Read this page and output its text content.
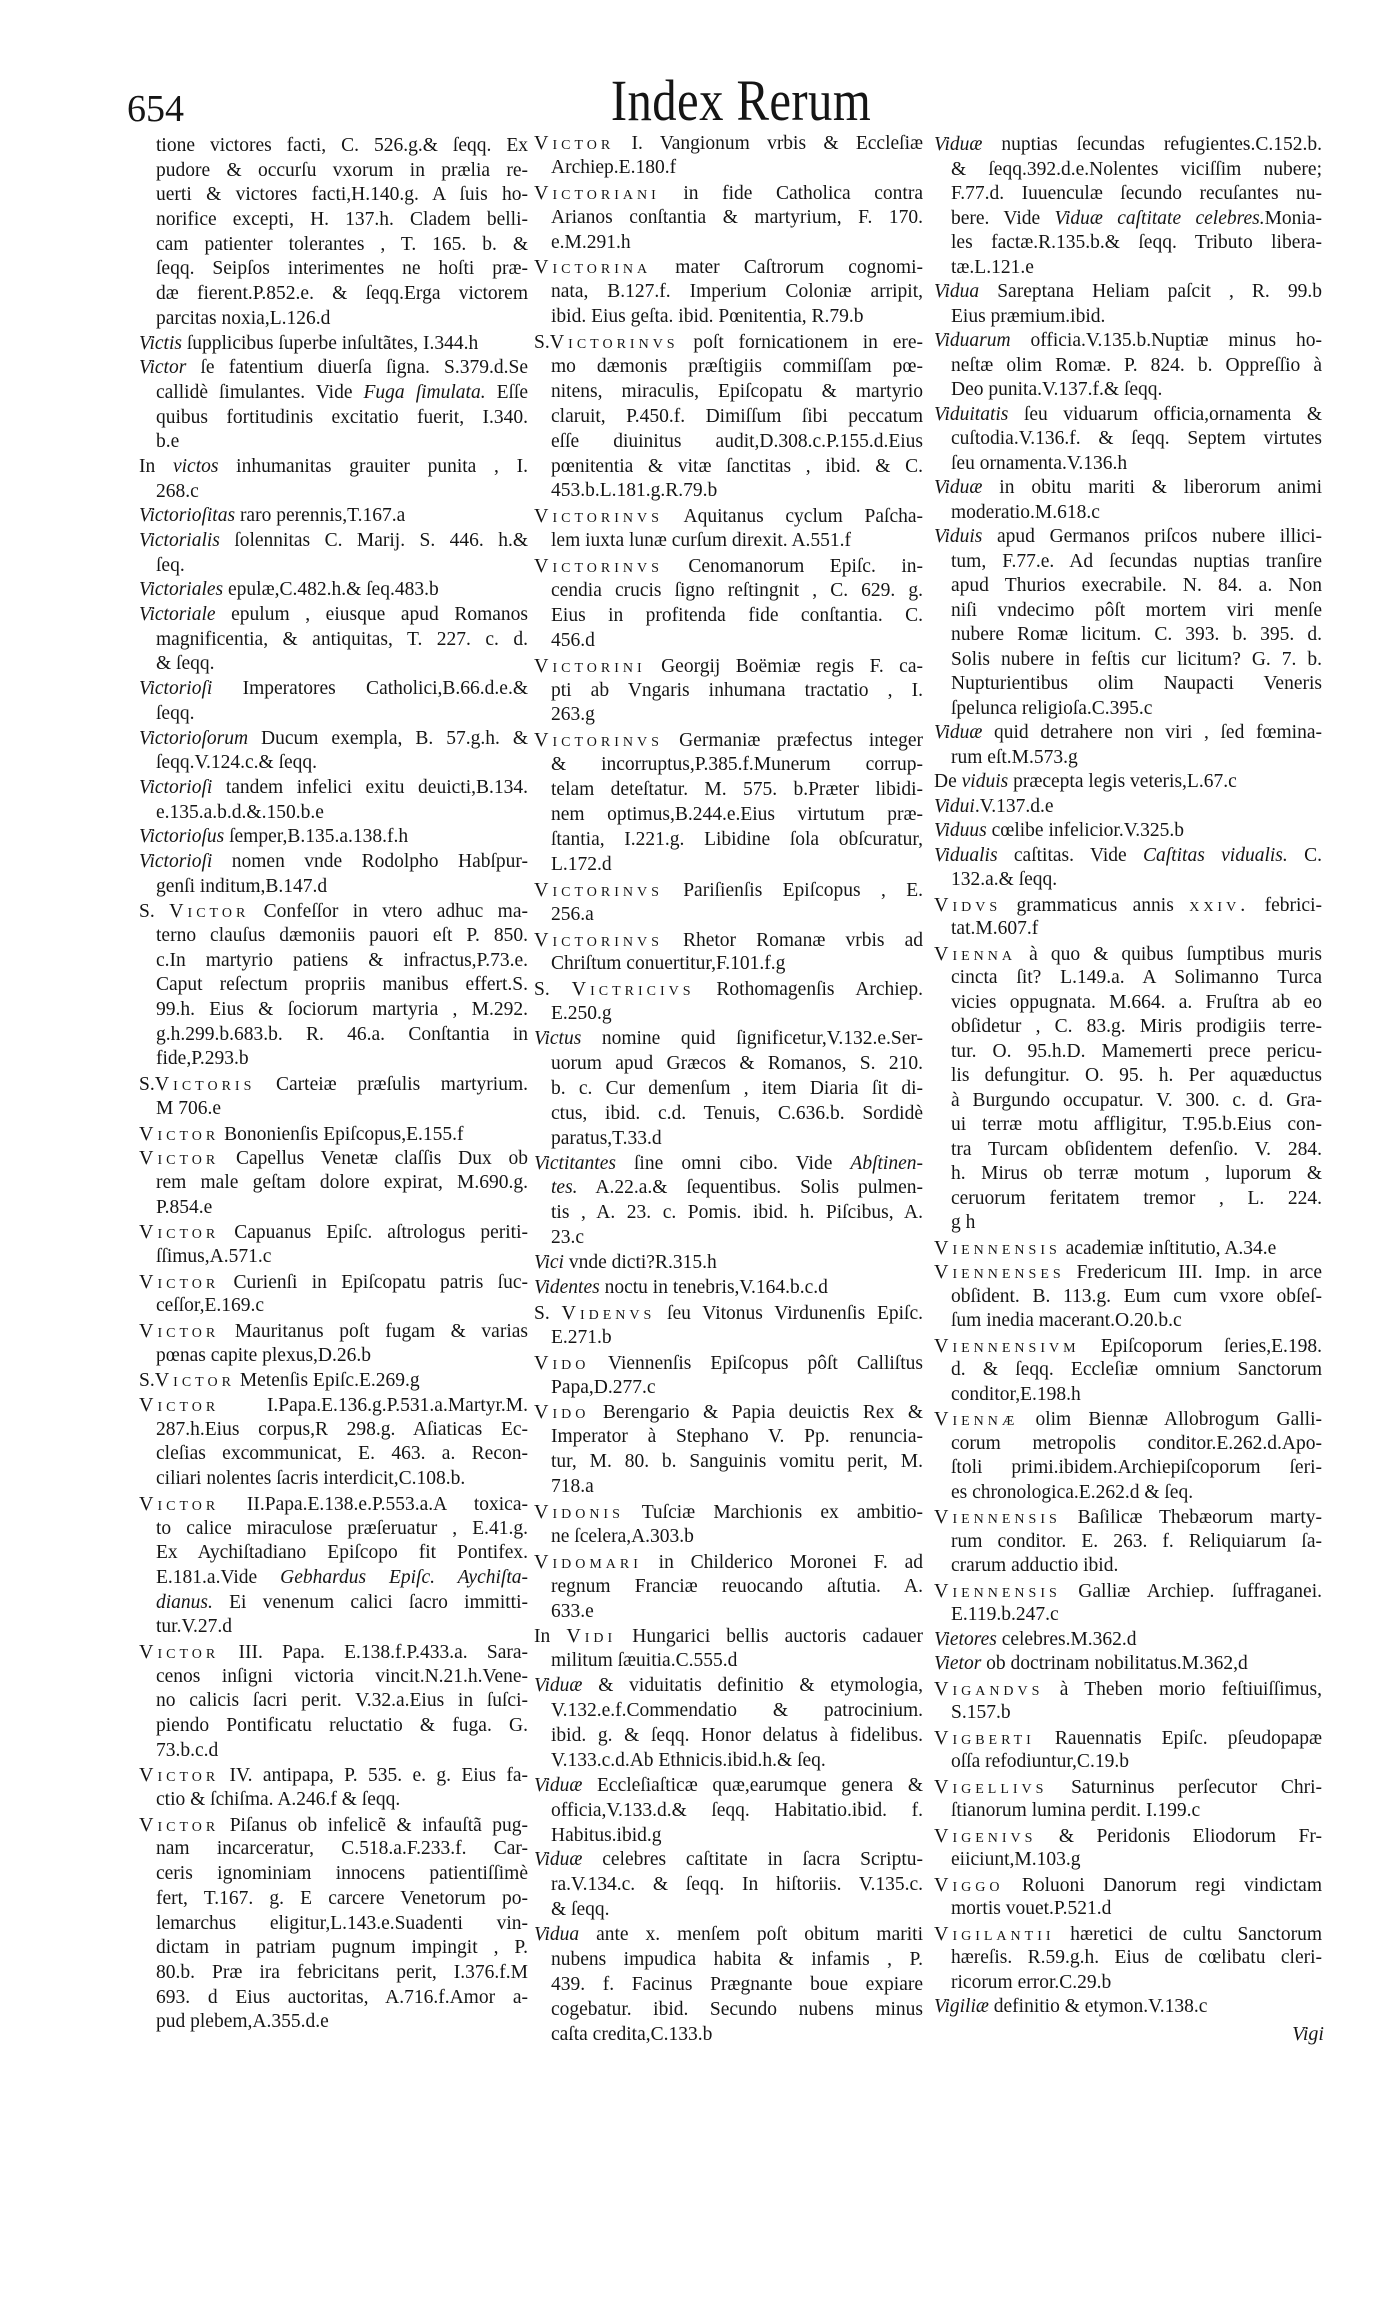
654	Index Rerum
tione victores facti, C. 526.g.& ſeqq. Ex
pudore & occurſu vxorum in prælia re-
uerti & victores facti,H.140.g. A ſuis ho-
norifice excepti, H. 137.h. Cladem belli-
cam patienter tolerantes , T. 165. b. &
ſeqq. Seipſos interimentes ne hoſti præ-
dæ fierent.P.852.e. & ſeqq.Erga victorem
parcitas noxia,L.126.d
Victis ſupplicibus ſuperbe inſultãtes, I.344.h
Victor ſe fatentium diuerſa ſigna. S.379.d.Se
callidè ſimulantes. Vide Fuga ſimulata. Eſſe
quibus fortitudinis excitatio fuerit, I.340.
b.e
In victos inhumanitas grauiter punita , I.
268.c
Victorioſitas raro perennis,T.167.a
Victorialis ſolennitas C. Marij. S. 446. h.&
ſeq.
Victoriales epulæ,C.482.h.& ſeq.483.b
Victoriale epulum , eiusque apud Romanos
magnificentia, & antiquitas, T. 227. c. d.
& ſeqq.
Victorioſi Imperatores Catholici,B.66.d.e.&
ſeqq.
Victorioſorum Ducum exempla, B. 57.g.h. &
ſeqq.V.124.c.& ſeqq.
Victorioſi tandem infelici exitu deuicti,B.134.
e.135.a.b.d.&.150.b.e
Victorioſus ſemper,B.135.a.138.f.h
Victorioſi nomen vnde Rodolpho Habſpur-
genſi inditum,B.147.d
S. Victor Confeſſor in vtero adhuc ma-
terno clauſus dæmoniis pauori eſt P. 850.
c.In martyrio patiens & infractus,P.73.e.
Caput reſectum propriis manibus effert.S.
99.h. Eius & ſociorum martyria , M.292.
g.h.299.b.683.b. R. 46.a. Conſtantia in
fide,P.293.b
S.Victoris Carteiæ præſulis martyrium.
M 706.e
Victor Bononienſis Epiſcopus,E.155.f
Victor Capellus Venetæ claſſis Dux ob
rem male geſtam dolore expirat, M.690.g.
P.854.e
Victor Capuanus Epiſc. aſtrologus periti-
ſſimus,A.571.c
Victor Curienſi in Epiſcopatu patris ſuc-
ceſſor,E.169.c
Victor Mauritanus poſt fugam & varias
pœnas capite plexus,D.26.b
S.Victor Metenſis Epiſc.E.269.g
Victor I.Papa.E.136.g.P.531.a.Martyr.M.
287.h.Eius corpus,R 298.g. Aſiaticas Ec-
cleſias excommunicat, E. 463. a. Recon-
ciliari nolentes ſacris interdicit,C.108.b.
Victor II.Papa.E.138.e.P.553.a.A toxica-
to calice miraculose præſeruatur , E.41.g.
Ex Aychiſtadiano Epiſcopo fit Pontifex.
E.181.a.Vide Gebhardus Epiſc. Aychiſta-
dianus. Ei venenum calici ſacro immitti-
tur.V.27.d
Victor III. Papa. E.138.f.P.433.a. Sara-
cenos inſigni victoria vincit.N.21.h.Vene-
no calicis ſacri perit. V.32.a.Eius in ſuſci-
piendo Pontificatu reluctatio & fuga. G.
73.b.c.d
Victor IV. antipapa, P. 535. e. g. Eius fa-
ctio & ſchiſma. A.246.f & ſeqq.
Victor Piſanus ob infelicẽ & infauſtã pug-
nam incarceratur, C.518.a.F.233.f. Car-
ceris ignominiam innocens patientiſſimè
fert, T.167. g. E carcere Venetorum po-
lemarchus eligitur,L.143.e.Suadenti vin-
dictam in patriam pugnum impingit , P.
80.b. Præ ira febricitans perit, I.376.f.M
693. d Eius auctoritas, A.716.f.Amor a-
pud plebem,A.355.d.e
Victor I. Vangionum vrbis & Eccleſiæ
Archiep.E.180.f
Victoriani in fide Catholica contra
Arianos conſtantia & martyrium, F. 170.
e.M.291.h
Victorina mater Caſtrorum cognomi-
nata, B.127.f. Imperium Coloniæ arripit,
ibid. Eius geſta. ibid. Pœnitentia, R.79.b
S.Victorinvs poſt fornicationem in ere-
mo dæmonis præſtigiis commiſſam pœ-
nitens, miraculis, Epiſcopatu & martyrio
claruit, P.450.f. Dimiſſum ſibi peccatum
eſſe diuinitus audit,D.308.c.P.155.d.Eius
pœnitentia & vitæ ſanctitas , ibid. & C.
453.b.L.181.g.R.79.b
Victorinvs Aquitanus cyclum Paſcha-
lem iuxta lunæ curſum direxit. A.551.f
Victorinvs Cenomanorum Epiſc. in-
cendia crucis ſigno reſtingnit , C. 629. g.
Eius in profitenda fide conſtantia. C.
456.d
Victorini Georgij Boëmiæ regis F. ca-
pti ab Vngaris inhumana tractatio , I.
263.g
Victorinvs Germaniæ præfectus integer
& incorruptus,P.385.f.Munerum corrup-
telam deteſtatur. M. 575. b.Præter libidi-
nem optimus,B.244.e.Eius virtutum præ-
ſtantia, I.221.g. Libidine ſola obſcuratur,
L.172.d
Victorinvs Pariſienſis Epiſcopus , E.
256.a
Victorinvs Rhetor Romanæ vrbis ad
Chriſtum conuertitur,F.101.f.g
S. Victricivs Rothomagenſis Archiep.
E.250.g
Victus nomine quid ſignificetur,V.132.e.Ser-
uorum apud Græcos & Romanos, S. 210.
b. c. Cur demenſum , item Diaria ſit di-
ctus, ibid. c.d. Tenuis, C.636.b. Sordidè
paratus,T.33.d
Victitantes ſine omni cibo. Vide Abſtinen-
tes. A.22.a.& ſequentibus. Solis pulmen-
tis , A. 23. c. Pomis. ibid. h. Piſcibus, A.
23.c
Vici vnde dicti?R.315.h
Videntes noctu in tenebris,V.164.b.c.d
S. Videnvs ſeu Vitonus Virdunenſis Epiſc.
E.271.b
Vido Viennenſis Epiſcopus pôſt Calliſtus
Papa,D.277.c
Vido Berengario & Papia deuictis Rex &
Imperator à Stephano V. Pp. renuncia-
tur, M. 80. b. Sanguinis vomitu perit, M.
718.a
Vidonis Tuſciæ Marchionis ex ambitio-
ne ſcelera,A.303.b
Vidomari in Childerico Moronei F. ad
regnum Franciæ reuocando aſtutia. A.
633.e
In Vidi Hungarici bellis auctoris cadauer
militum ſæuitia.C.555.d
Viduæ & viduitatis definitio & etymologia,
V.132.e.f.Commendatio & patrocinium.
ibid. g. & ſeqq. Honor delatus à fidelibus.
V.133.c.d.Ab Ethnicis.ibid.h.& ſeq.
Viduæ Eccleſiaſticæ quæ,earumque genera &
officia,V.133.d.& ſeqq. Habitatio.ibid. f.
Habitus.ibid.g
Viduæ celebres caſtitate in ſacra Scriptu-
ra.V.134.c. & ſeqq. In hiſtoriis. V.135.c.
& ſeqq.
Vidua ante x. menſem poſt obitum mariti
nubens impudica habita & infamis , P.
439. f. Facinus Prægnante boue expiare
cogebatur. ibid. Secundo nubens minus
caſta credita,C.133.b
Viduæ nuptias ſecundas refugientes.C.152.b.
& ſeqq.392.d.e.Nolentes viciſſim nubere;
F.77.d. Iuuenculæ ſecundo recuſantes nu-
bere. Vide Viduæ caſtitate celebres.Monia-
les factæ.R.135.b.& ſeqq. Tributo libera-
tæ.L.121.e
Vidua Sareptana Heliam paſcit , R. 99.b
Eius præmium.ibid.
Viduarum officia.V.135.b.Nuptiæ minus ho-
neſtæ olim Romæ. P. 824. b. Oppreſſio à
Deo punita.V.137.f.& ſeqq.
Viduitatis ſeu viduarum officia,ornamenta &
cuſtodia.V.136.f. & ſeqq. Septem virtutes
ſeu ornamenta.V.136.h
Viduæ in obitu mariti & liberorum animi
moderatio.M.618.c
Viduis apud Germanos priſcos nubere illici-
tum, F.77.e. Ad ſecundas nuptias tranſire
apud Thurios execrabile. N. 84. a. Non
niſi vndecimo pôſt mortem viri menſe
nubere Romæ licitum. C. 393. b. 395. d.
Solis nubere in feſtis cur licitum? G. 7. b.
Nupturientibus olim Naupacti Veneris
ſpelunca religioſa.C.395.c
Viduæ quid detrahere non viri , ſed fœmina-
rum eſt.M.573.g
De viduis præcepta legis veteris,L.67.c
Vidui.V.137.d.e
Viduus cœlibe infelicior.V.325.b
Vidualis caſtitas. Vide Caſtitas vidualis. C.
132.a.& ſeqq.
Vidvs grammaticus annis xxiv. febrici-
tat.M.607.f
Vienna à quo & quibus ſumptibus muris
cincta ſit? L.149.a. A Solimanno Turca
vicies oppugnata. M.664. a. Fruſtra ab eo
obſidetur , C. 83.g. Miris prodigiis terre-
tur. O. 95.h.D. Mamemerti prece pericu-
lis defungitur. O. 95. h. Per aquæductus
à Burgundo occupatur. V. 300. c. d. Gra-
ui terræ motu affligitur, T.95.b.Eius con-
tra Turcam obſidentem defenſio. V. 284.
h. Mirus ob terræ motum , luporum &
ceruorum feritatem tremor , L. 224.
g h
Viennensis academiæ inſtitutio, A.34.e
Viennenses Fredericum III. Imp. in arce
obſident. B. 113.g. Eum cum vxore obſeſ-
ſum inedia macerant.O.20.b.c
Viennensivm Epiſcoporum ſeries,E.198.
d. & ſeqq. Eccleſiæ omnium Sanctorum
conditor,E.198.h
Viennæ olim Biennæ Allobrogum Galli-
corum metropolis conditor.E.262.d.Apo-
ſtoli primi.ibidem.Archiepiſcoporum ſeri-
es chronologica.E.262.d & ſeq.
Viennensis Baſilicæ Thebæorum marty-
rum conditor. E. 263. f. Reliquiarum ſa-
crarum adductio ibid.
Viennensis Galliæ Archiep. ſuffraganei.
E.119.b.247.c
Vietores celebres.M.362.d
Vietor ob doctrinam nobilitatus.M.362,d
Vigandvs à Theben morio feſtiuiſſimus,
S.157.b
Vigberti Rauennatis Epiſc. pſeudopapæ
oſſa refodiuntur,C.19.b
Vigellivs Saturninus perſecutor Chri-
ſtianorum lumina perdit. I.199.c
Vigenivs & Peridonis Eliodorum Fr-
eiiciunt,M.103.g
Viggo Roluoni Danorum regi vindictam
mortis vouet.P.521.d
Vigilantii hæretici de cultu Sanctorum
hæreſis. R.59.g.h. Eius de cœlibatu cleri-
ricorum error.C.29.b
Vigiliæ definitio & etymon.V.138.c
Vigi
